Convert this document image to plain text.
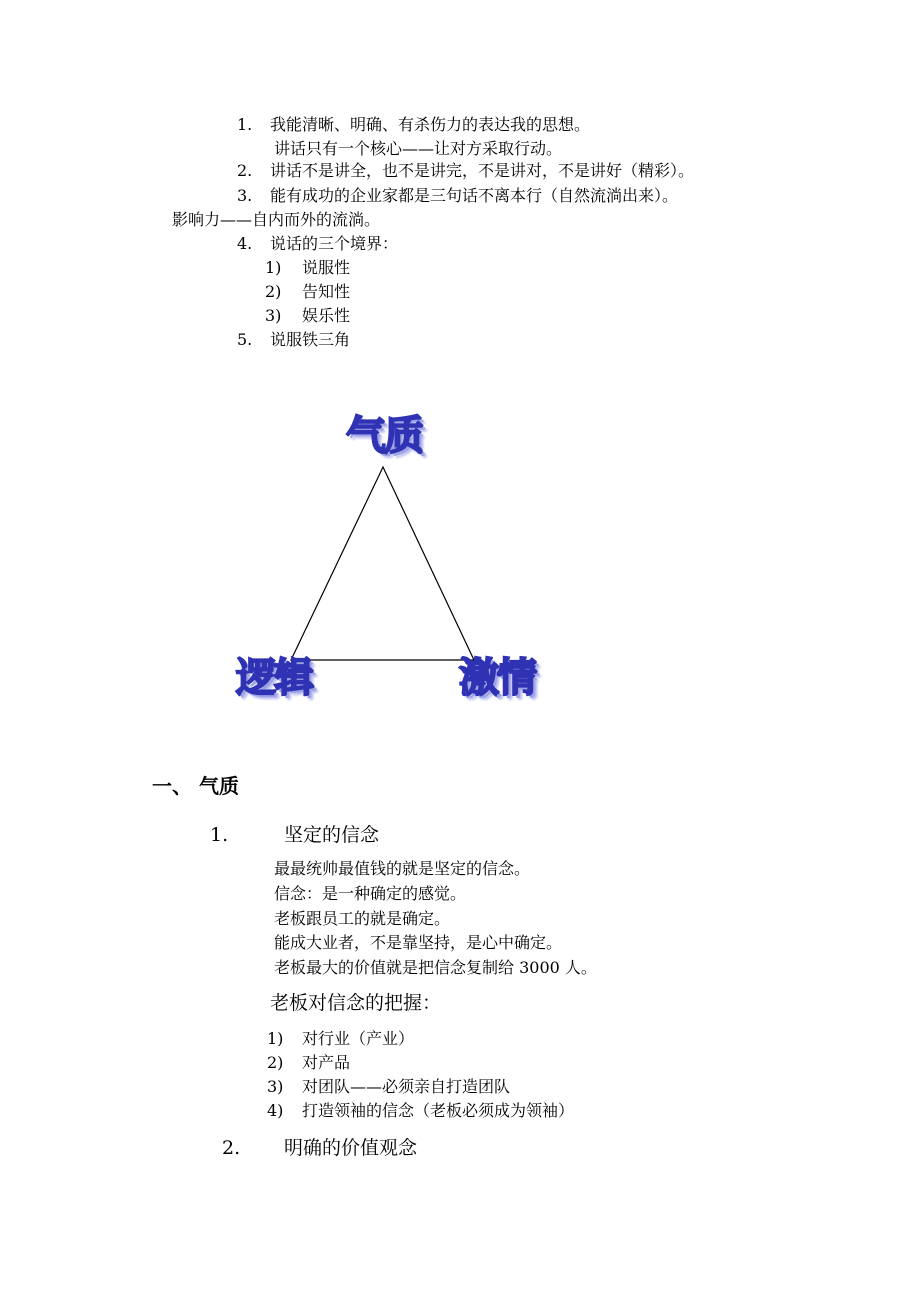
1. 我能清晰、明确、有杀伤力的表达我的思想。
讲话只有一个核心——让对方采取行动。
2. 讲话不是讲全，也不是讲完，不是讲对，不是讲好（精彩）。
3. 能有成功的企业家都是三句话不离本行（自然流淌出来）。
影响力——自内而外的流淌。
4. 说话的三个境界：
1) 说服性
2) 告知性
3) 娱乐性
5. 说服铁三角
气质
逻辑	激情
一、 气质
1.	坚定的信念
最最统帅最值钱的就是坚定的信念。
信念：是一种确定的感觉。
老板跟员工的就是确定。
能成大业者，不是靠坚持，是心中确定。
老板最大的价值就是把信念复制给 3000 人。
老板对信念的把握：
1) 对行业（产业）
2) 对产品
3) 对团队——必须亲自打造团队
4) 打造领袖的信念（老板必须成为领袖）
2. 明确的价值观念
